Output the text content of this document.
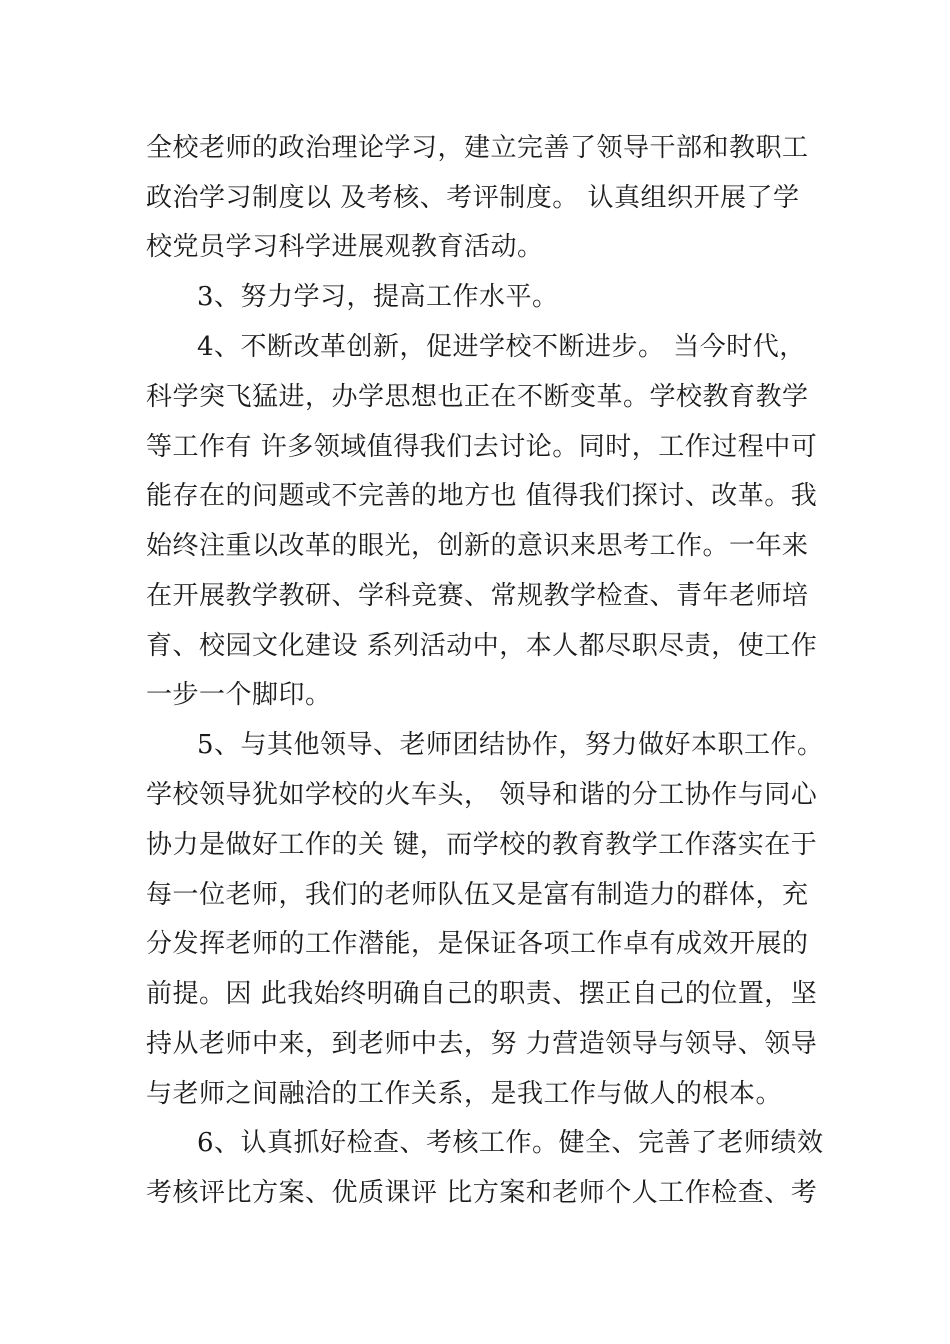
全校老师的政治理论学习，建立完善了领导干部和教职工
政治学习制度以 及考核、考评制度。 认真组织开展了学
校党员学习科学进展观教育活动。
3、努力学习，提高工作水平。
4、不断改革创新，促进学校不断进步。 当今时代，
科学突飞猛进，办学思想也正在不断变革。学校教育教学
等工作有 许多领域值得我们去讨论。同时，工作过程中可
能存在的问题或不完善的地方也 值得我们探讨、改革。我
始终注重以改革的眼光，创新的意识来思考工作。一年来
在开展教学教研、学科竞赛、常规教学检查、青年老师培
育、校园文化建设 系列活动中，本人都尽职尽责，使工作
一步一个脚印。
5、与其他领导、老师团结协作，努力做好本职工作。
学校领导犹如学校的火车头， 领导和谐的分工协作与同心
协力是做好工作的关 键，而学校的教育教学工作落实在于
每一位老师，我们的老师队伍又是富有制造力的群体，充
分发挥老师的工作潜能，是保证各项工作卓有成效开展的
前提。因 此我始终明确自己的职责、摆正自己的位置，坚
持从老师中来，到老师中去，努 力营造领导与领导、领导
与老师之间融洽的工作关系，是我工作与做人的根本。
6、认真抓好检查、考核工作。健全、完善了老师绩效
考核评比方案、优质课评 比方案和老师个人工作检查、考
